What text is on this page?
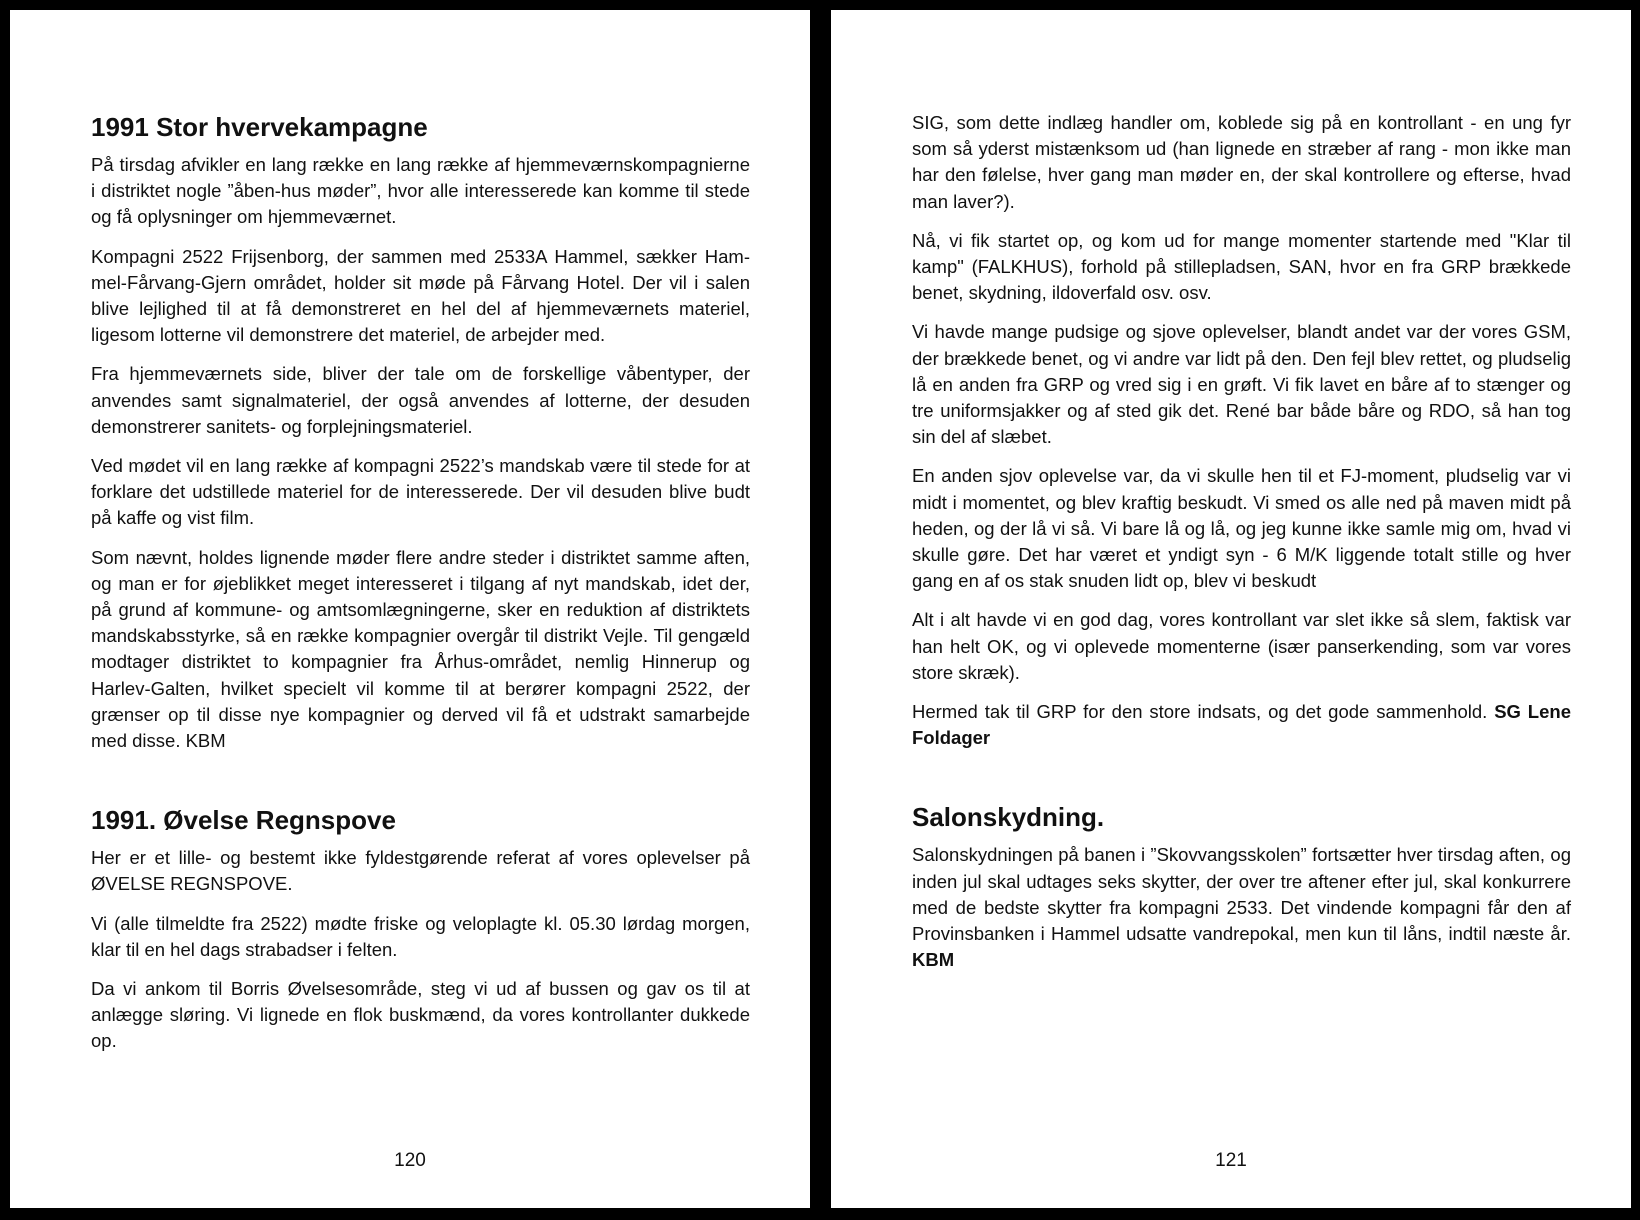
1991 Stor hvervekampagne

På tirsdag afvikler en lang række en lang række af hjemmeværnskompagnierne i distriktet nogle ”åben-hus møder”, hvor alle interesserede kan komme til stede og få oplysninger om hjemmeværnet.

Kompagni 2522 Frijsenborg, der sammen med 2533A Hammel, sækker Hammel-Fårvang-Gjern området, holder sit møde på Fårvang Hotel. Der vil i salen blive lejlighed til at få demonstreret en hel del af hjemmeværnets materiel, ligesom lotterne vil demonstrere det materiel, de arbejder med.

Fra hjemmeværnets side, bliver der tale om de forskellige våbentyper, der anvendes samt signalmateriel, der også anvendes af lotterne, der desuden demonstrerer sanitets- og forplejningsmateriel.

Ved mødet vil en lang række af kompagni 2522’s mandskab være til stede for at forklare det udstillede materiel for de interesserede. Der vil desuden blive budt på kaffe og vist film.

Som nævnt, holdes lignende møder flere andre steder i distriktet samme aften, og man er for øjeblikket meget interesseret i tilgang af nyt mandskab, idet der, på grund af kommune- og amtsomlægningerne, sker en reduktion af distriktets mandskabsstyrke, så en række kompagnier overgår til distrikt Vejle. Til gengæld modtager distriktet to kompagnier fra Århus-området, nemlig Hinnerup og Harlev-Galten, hvilket specielt vil komme til at berører kompagni 2522, der grænser op til disse nye kompagnier og derved vil få et udstrakt samarbejde med disse. KBM

1991. Øvelse Regnspove

Her er et lille- og bestemt ikke fyldestgørende referat af vores oplevelser på ØVELSE REGNSPOVE.

Vi (alle tilmeldte fra 2522) mødte friske og veloplagte kl. 05.30 lørdag morgen, klar til en hel dags strabadser i felten.

Da vi ankom til Borris Øvelsesområde, steg vi ud af bussen og gav os til at anlægge sløring. Vi lignede en flok buskmænd, da vores kontrollanter dukkede op.

120

SIG, som dette indlæg handler om, koblede sig på en kontrollant - en ung fyr som så yderst mistænksom ud (han lignede en stræber af rang - mon ikke man har den følelse, hver gang man møder en, der skal kontrollere og efterse, hvad man laver?).

Nå, vi fik startet op, og kom ud for mange momenter startende med "Klar til kamp" (FALKHUS), forhold på stillepladsen, SAN, hvor en fra GRP brækkede benet, skydning, ildoverfald osv. osv.

Vi havde mange pudsige og sjove oplevelser, blandt andet var der vores GSM, der brækkede benet, og vi andre var lidt på den. Den fejl blev rettet, og pludselig lå en anden fra GRP og vred sig i en grøft. Vi fik lavet en båre af to stænger og tre uniformsjakker og af sted gik det. René bar både båre og RDO, så han tog sin del af slæbet.

En anden sjov oplevelse var, da vi skulle hen til et FJ-moment, pludselig var vi midt i momentet, og blev kraftig beskudt. Vi smed os alle ned på maven midt på heden, og der lå vi så. Vi bare lå og lå, og jeg kunne ikke samle mig om, hvad vi skulle gøre. Det har været et yndigt syn - 6 M/K liggende totalt stille og hver gang en af os stak snuden lidt op, blev vi beskudt

Alt i alt havde vi en god dag, vores kontrollant var slet ikke så slem, faktisk var han helt OK, og vi oplevede momenterne (især panserkending, som var vores store skræk).

Hermed tak til GRP for den store indsats, og det gode sammenhold. SG Lene Foldager

Salonskydning.

Salonskydningen på banen i ”Skovvangsskolen” fortsætter hver tirsdag aften, og inden jul skal udtages seks skytter, der over tre aftener efter jul, skal konkurrere med de bedste skytter fra kompagni 2533. Det vindende kompagni får den af Provinsbanken i Hammel udsatte vandrepokal, men kun til låns, indtil næste år. KBM

121
